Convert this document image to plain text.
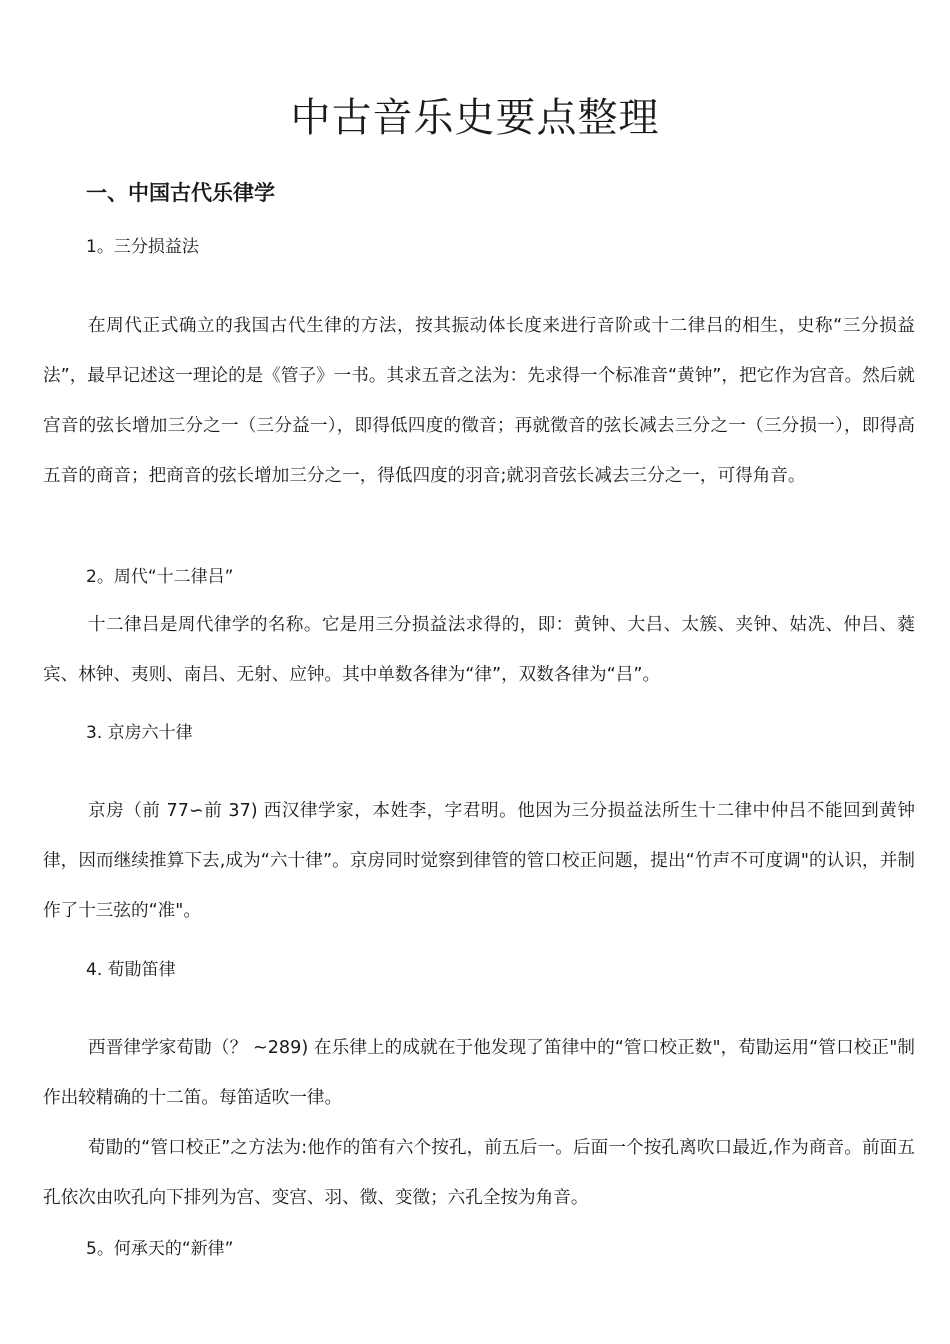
中古音乐史要点整理
一、中国古代乐律学

1。三分损益法

在周代正式确立的我国古代生律的方法，按其振动体长度来进行音阶或十二律吕的相生，史称“三分损益法”，最早记述这一理论的是《管子》一书。其求五音之法为：先求得一个标准音“黄钟”，把它作为宫音。然后就宫音的弦长增加三分之一（三分益一），即得低四度的徵音；再就徵音的弦长减去三分之一（三分损一），即得高五音的商音；把商音的弦长增加三分之一，得低四度的羽音;就羽音弦长减去三分之一，可得角音。

2。周代“十二律吕”

十二律吕是周代律学的名称。它是用三分损益法求得的，即：黄钟、大吕、太簇、夹钟、姑冼、仲吕、蕤宾、林钟、夷则、南吕、无射、应钟。其中单数各律为“律”，双数各律为“吕”。

3. 京房六十律

京房（前 77∽前 37) 西汉律学家，本姓李，字君明。他因为三分损益法所生十二律中仲吕不能回到黄钟律，因而继续推算下去,成为“六十律”。京房同时觉察到律管的管口校正问题，提出“竹声不可度调"的认识，并制作了十三弦的“准"。

4. 荀勖笛律

西晋律学家荀勖（？ ~289) 在乐律上的成就在于他发现了笛律中的“管口校正数"，荀勖运用“管口校正"制作出较精确的十二笛。每笛适吹一律。

荀勖的“管口校正”之方法为:他作的笛有六个按孔，前五后一。后面一个按孔离吹口最近,作为商音。前面五孔依次由吹孔向下排列为宫、变宫、羽、徵、变徵；六孔全按为角音。

5。何承天的“新律”
